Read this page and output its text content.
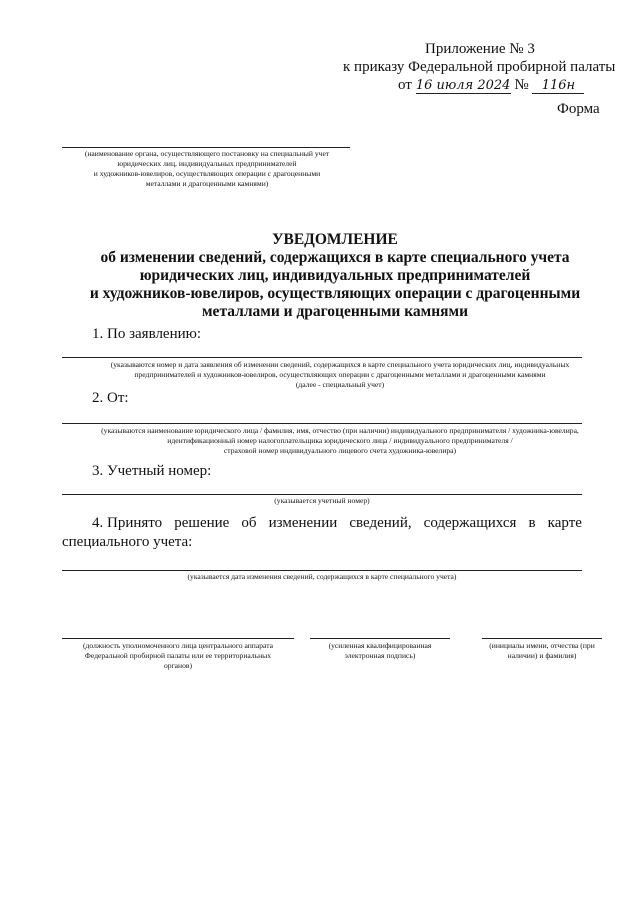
Приложение № 3
к приказу Федеральной пробирной палаты
от 16 июля 2024 № 116н
Форма
(наименование органа, осуществляющего постановку на специальный учет
юридических лиц, индивидуальных предпринимателей
и художников-ювелиров, осуществляющих операции с драгоценными
металлами и драгоценными камнями)
УВЕДОМЛЕНИЕ
об изменении сведений, содержащихся в карте специального учета
юридических лиц, индивидуальных предпринимателей
и художников-ювелиров, осуществляющих операции с драгоценными
металлами и драгоценными камнями
1. По заявлению:
(указываются номер и дата заявления об изменении сведений, содержащихся в карте специального учета юридических лиц, индивидуальных
предпринимателей и художников-ювелиров, осуществляющих операции с драгоценными металлами и драгоценными камнями
(далее - специальный учет)
2. От:
(указываются наименование юридического лица / фамилия, имя, отчество (при наличии) индивидуального предпринимателя / художника-ювелира,
идентификационный номер налогоплательщика юридического лица / индивидуального предпринимателя /
страховой номер индивидуального лицевого счета художника-ювелира)
3. Учетный номер:
(указывается учетный номер)
4. Принято решение об изменении сведений, содержащихся в карте
специального учета:
(указывается дата изменения сведений, содержащихся в карте специального учета)
(должность уполномоченного лица центрального аппарата
Федеральной пробирной палаты или ее территориальных
органов)
(усиленная квалифицированная
электронная подпись)
(инициалы имени, отчества (при
наличии) и фамилия)
